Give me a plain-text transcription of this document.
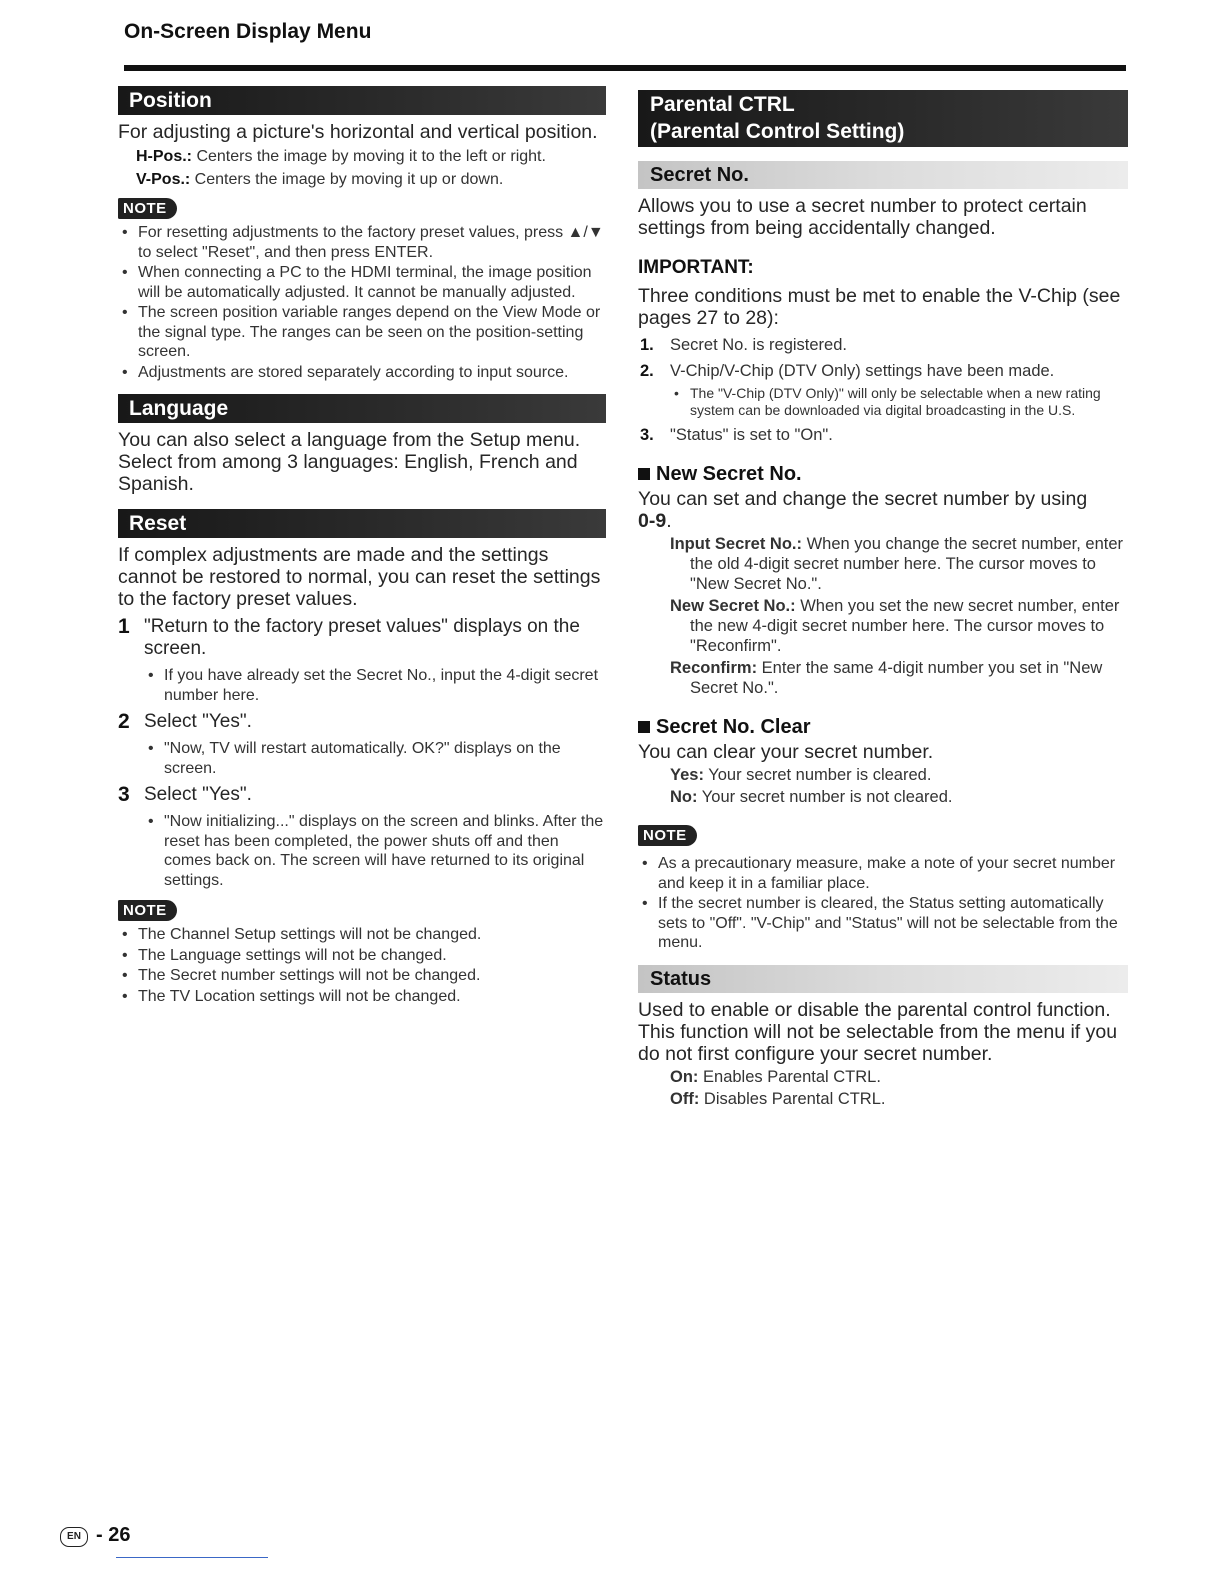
On-Screen Display Menu
Position

For adjusting a picture's horizontal and vertical position.

H-Pos.: Centers the image by moving it to the left or right.

V-Pos.: Centers the image by moving it up or down.

NOTE
• For resetting adjustments to the factory preset values, press ▲/▼ to select "Reset", and then press ENTER.
• When connecting a PC to the HDMI terminal, the image position will be automatically adjusted. It cannot be manually adjusted.
• The screen position variable ranges depend on the View Mode or the signal type. The ranges can be seen on the position-setting screen.
• Adjustments are stored separately according to input source.
Language

You can also select a language from the Setup menu. Select from among 3 languages: English, French and Spanish.

Reset

If complex adjustments are made and the settings cannot be restored to normal, you can reset the settings to the factory preset values.

1 "Return to the factory preset values" displays on the screen.
• If you have already set the Secret No., input the 4-digit secret number here.
2 Select "Yes".
• "Now, TV will restart automatically. OK?" displays on the screen.
3 Select "Yes".
• "Now initializing..." displays on the screen and blinks. After the reset has been completed, the power shuts off and then comes back on. The screen will have returned to its original settings.
NOTE
• The Channel Setup settings will not be changed.
• The Language settings will not be changed.
• The Secret number settings will not be changed.
• The TV Location settings will not be changed.
Parental CTRL
(Parental Control Setting)
Secret No.

Allows you to use a secret number to protect certain settings from being accidentally changed.

IMPORTANT:

Three conditions must be met to enable the V-Chip (see pages 27 to 28):

1. Secret No. is registered.
2. V-Chip/V-Chip (DTV Only) settings have been made.
• The "V-Chip (DTV Only)" will only be selectable when a new rating system can be downloaded via digital broadcasting in the U.S.
3. "Status" is set to "On".
New Secret No.

You can set and change the secret number by using
0-9.

Input Secret No.: When you change the secret number, enter the old 4-digit secret number here. The cursor moves to "New Secret No.".

New Secret No.: When you set the new secret number, enter the new 4-digit secret number here. The cursor moves to "Reconfirm".

Reconfirm: Enter the same 4-digit number you set in "New Secret No.".

Secret No. Clear

You can clear your secret number.

Yes: Your secret number is cleared.

No: Your secret number is not cleared.

NOTE
• As a precautionary measure, make a note of your secret number and keep it in a familiar place.
• If the secret number is cleared, the Status setting automatically sets to "Off". "V-Chip" and "Status" will not be selectable from the menu.
Status

Used to enable or disable the parental control function. This function will not be selectable from the menu if you do not first configure your secret number.

On: Enables Parental CTRL.

Off: Disables Parental CTRL.

EN - 26
